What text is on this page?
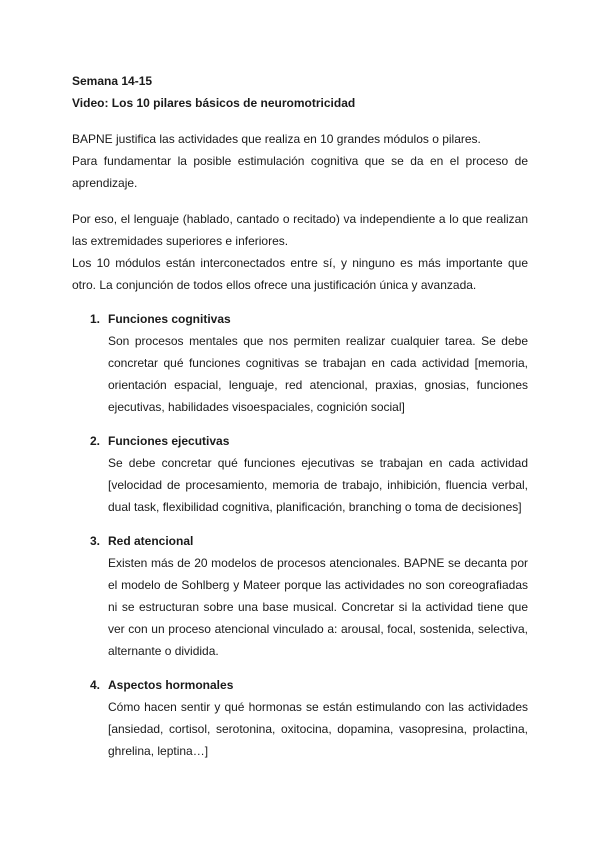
Semana 14-15

Video: Los 10 pilares básicos de neuromotricidad

BAPNE justifica las actividades que realiza en 10 grandes módulos o pilares.

Para fundamentar la posible estimulación cognitiva que se da en el proceso de aprendizaje.

Por eso, el lenguaje (hablado, cantado o recitado) va independiente a lo que realizan las extremidades superiores e inferiores.

Los 10 módulos están interconectados entre sí, y ninguno es más importante que otro. La conjunción de todos ellos ofrece una justificación única y avanzada.

1. Funciones cognitivas

Son procesos mentales que nos permiten realizar cualquier tarea. Se debe concretar qué funciones cognitivas se trabajan en cada actividad [memoria, orientación espacial, lenguaje, red atencional, praxias, gnosias, funciones ejecutivas, habilidades visoespaciales, cognición social]

2. Funciones ejecutivas

Se debe concretar qué funciones ejecutivas se trabajan en cada actividad [velocidad de procesamiento, memoria de trabajo, inhibición, fluencia verbal, dual task, flexibilidad cognitiva, planificación, branching o toma de decisiones]

3. Red atencional

Existen más de 20 modelos de procesos atencionales. BAPNE se decanta por el modelo de Sohlberg y Mateer porque las actividades no son coreografiadas ni se estructuran sobre una base musical. Concretar si la actividad tiene que ver con un proceso atencional vinculado a: arousal, focal, sostenida, selectiva, alternante o dividida.

4. Aspectos hormonales

Cómo hacen sentir y qué hormonas se están estimulando con las actividades [ansiedad, cortisol, serotonina, oxitocina, dopamina, vasopresina, prolactina, ghrelina, leptina…]
